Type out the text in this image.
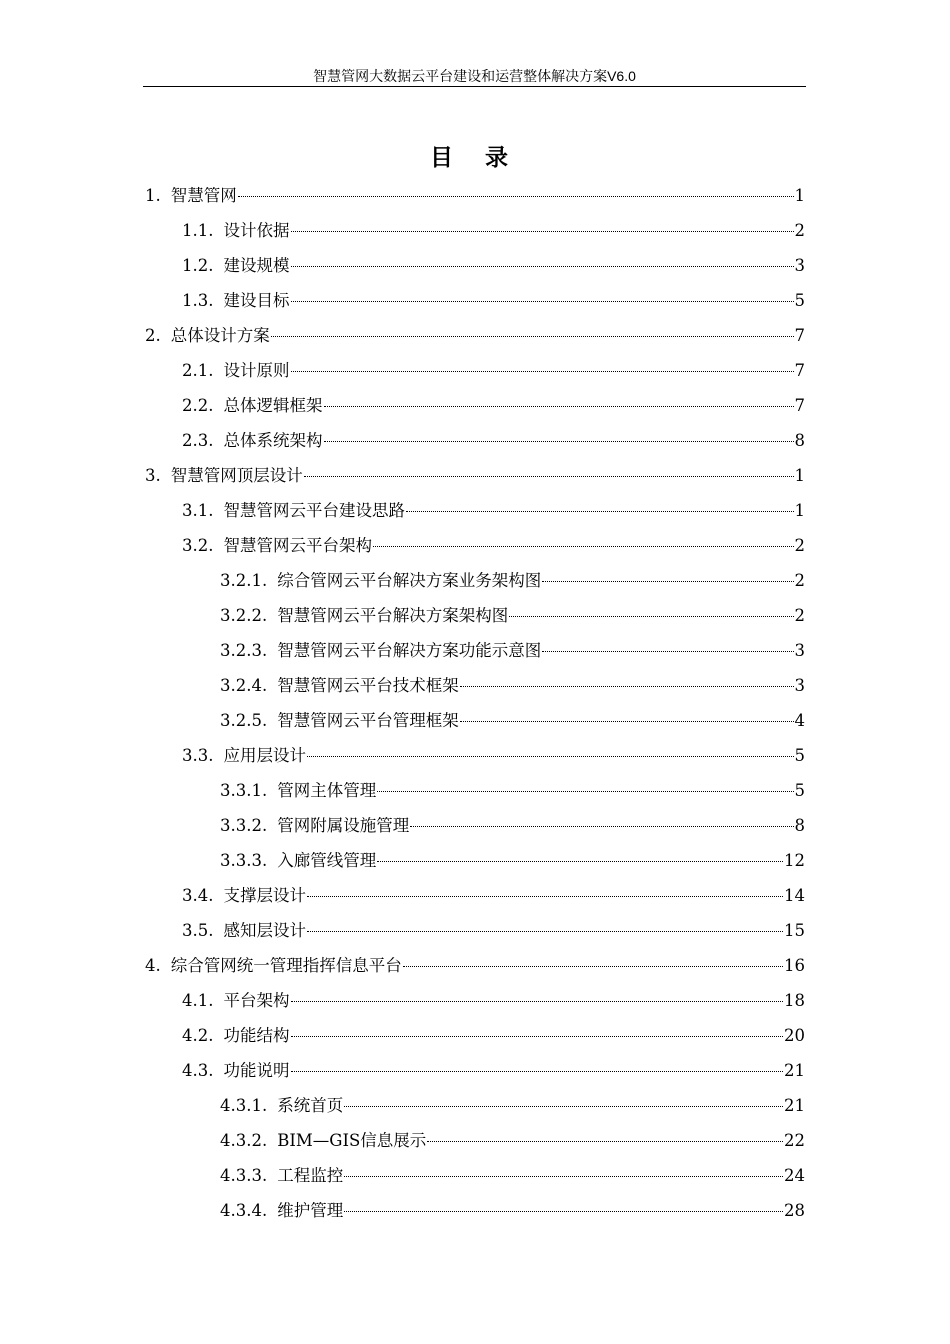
智慧管网大数据云平台建设和运营整体解决方案V6.0
目 录
1. 智慧管网	1
1.1. 设计依据	2
1.2. 建设规模	3
1.3. 建设目标	5
2. 总体设计方案	7
2.1. 设计原则	7
2.2. 总体逻辑框架	7
2.3. 总体系统架构	8
3. 智慧管网顶层设计	1
3.1. 智慧管网云平台建设思路	1
3.2. 智慧管网云平台架构	2
3.2.1. 综合管网云平台解决方案业务架构图	2
3.2.2. 智慧管网云平台解决方案架构图	2
3.2.3. 智慧管网云平台解决方案功能示意图	3
3.2.4. 智慧管网云平台技术框架	3
3.2.5. 智慧管网云平台管理框架	4
3.3. 应用层设计	5
3.3.1. 管网主体管理	5
3.3.2. 管网附属设施管理	8
3.3.3. 入廊管线管理	12
3.4. 支撑层设计	14
3.5. 感知层设计	15
4. 综合管网统一管理指挥信息平台	16
4.1. 平台架构	18
4.2. 功能结构	20
4.3. 功能说明	21
4.3.1. 系统首页	21
4.3.2. BIM—GIS信息展示	22
4.3.3. 工程监控	24
4.3.4. 维护管理	28
